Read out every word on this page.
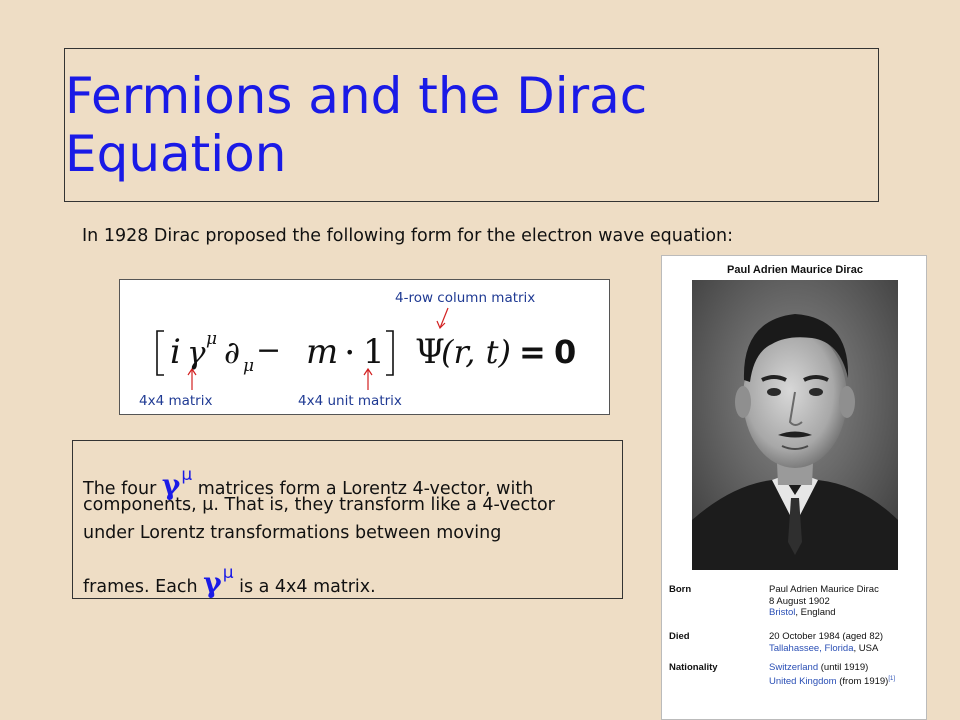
Fermions and the Dirac Equation
In 1928 Dirac proposed the following form for the electron wave equation:
4-row column matrix
4x4 matrix	4x4 unit matrix
i γ μ ∂ μ − m • 1 Ψ
(r, t) = 0
The four γμ matrices form a Lorentz 4-vector, with
components, μ. That is, they transform like a 4-vector
under Lorentz transformations between moving
frames. Each γμ is a 4x4 matrix.
Paul Adrien Maurice Dirac
Born	Paul Adrien Maurice Dirac
8 August 1902
Bristol, England
Died	20 October 1984 (aged 82)
Tallahassee, Florida, USA
Nationality	Switzerland (until 1919)
United Kingdom (from 1919)[1]
